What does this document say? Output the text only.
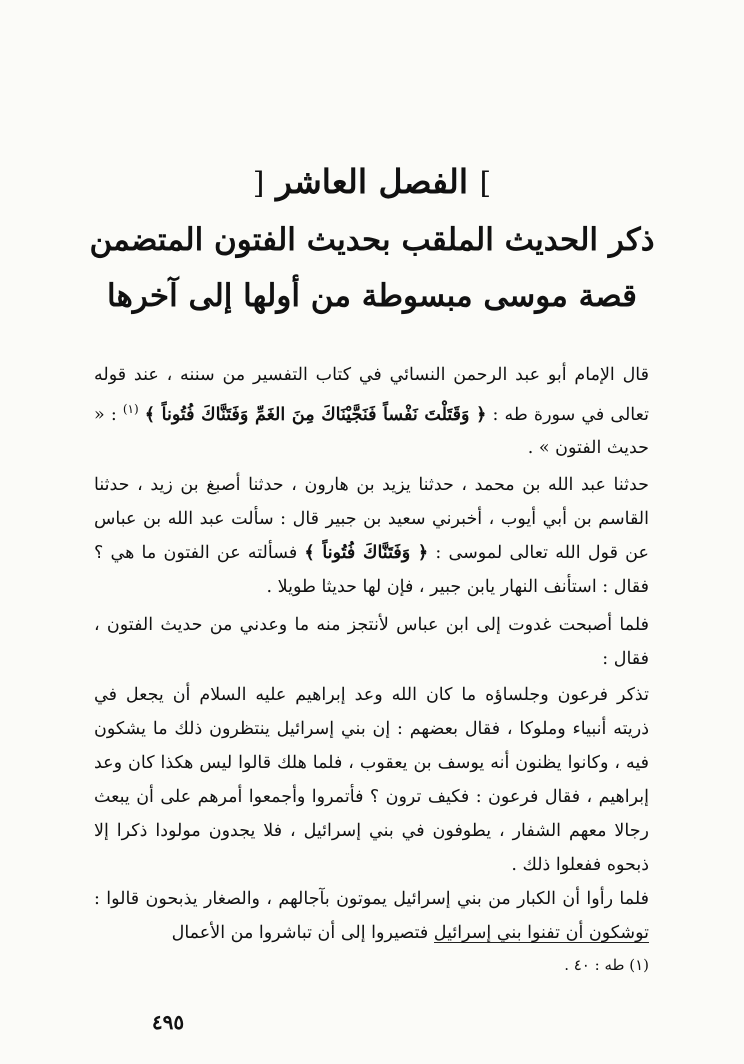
] الفصل العاشر [
ذكر الحديث الملقب بحديث الفتون المتضمن
قصة موسى مبسوطة من أولها إلى آخرها

قال الإمام أبو عبد الرحمن النسائي في كتاب التفسير من سننه ، عند قوله تعالى في سورة طه : ﴿ وَقَتَلْتَ نَفْساً فَنَجَّيْنَاكَ مِنَ الغَمِّ وَفَتَنَّاكَ فُتُوناً ﴾ $^{(١)}$ : « حديث الفتون » .

حدثنا عبد الله بن محمد ، حدثنا يزيد بن هارون ، حدثنا أصبغ بن زيد ، حدثنا القاسم بن أبي أيوب ، أخبرني سعيد بن جبير قال : سألت عبد الله بن عباس عن قول الله تعالى لموسى : ﴿ وَفَتَنَّاكَ فُتُوناً ﴾ فسألته عن الفتون ما هي ؟ فقال : استأنف النهار يابن جبير ، فإن لها حديثا طويلا .

فلما أصبحت غدوت إلى ابن عباس لأنتجز منه ما وعدني من حديث الفتون ، فقال :

تذكر فرعون وجلساؤه ما كان الله وعد إبراهيم عليه السلام أن يجعل في ذريته أنبياء وملوكا ، فقال بعضهم : إن بني إسرائيل ينتظرون ذلك ما يشكون فيه ، وكانوا يظنون أنه يوسف بن يعقوب ، فلما هلك قالوا ليس هكذا كان وعد إبراهيم ، فقال فرعون : فكيف ترون ؟ فأتمروا وأجمعوا أمرهم على أن يبعث رجالا معهم الشفار ، يطوفون في بني إسرائيل ، فلا يجدون مولودا ذكرا إلا ذبحوه ففعلوا ذلك .

فلما رأوا أن الكبار من بني إسرائيل يموتون بآجالهم ، والصغار يذبحون قالوا : توشكون أن تفنوا بني إسرائيل فتصيروا إلى أن تباشروا من الأعمال

(١) طه : ٤٠ .
٤٩٥
